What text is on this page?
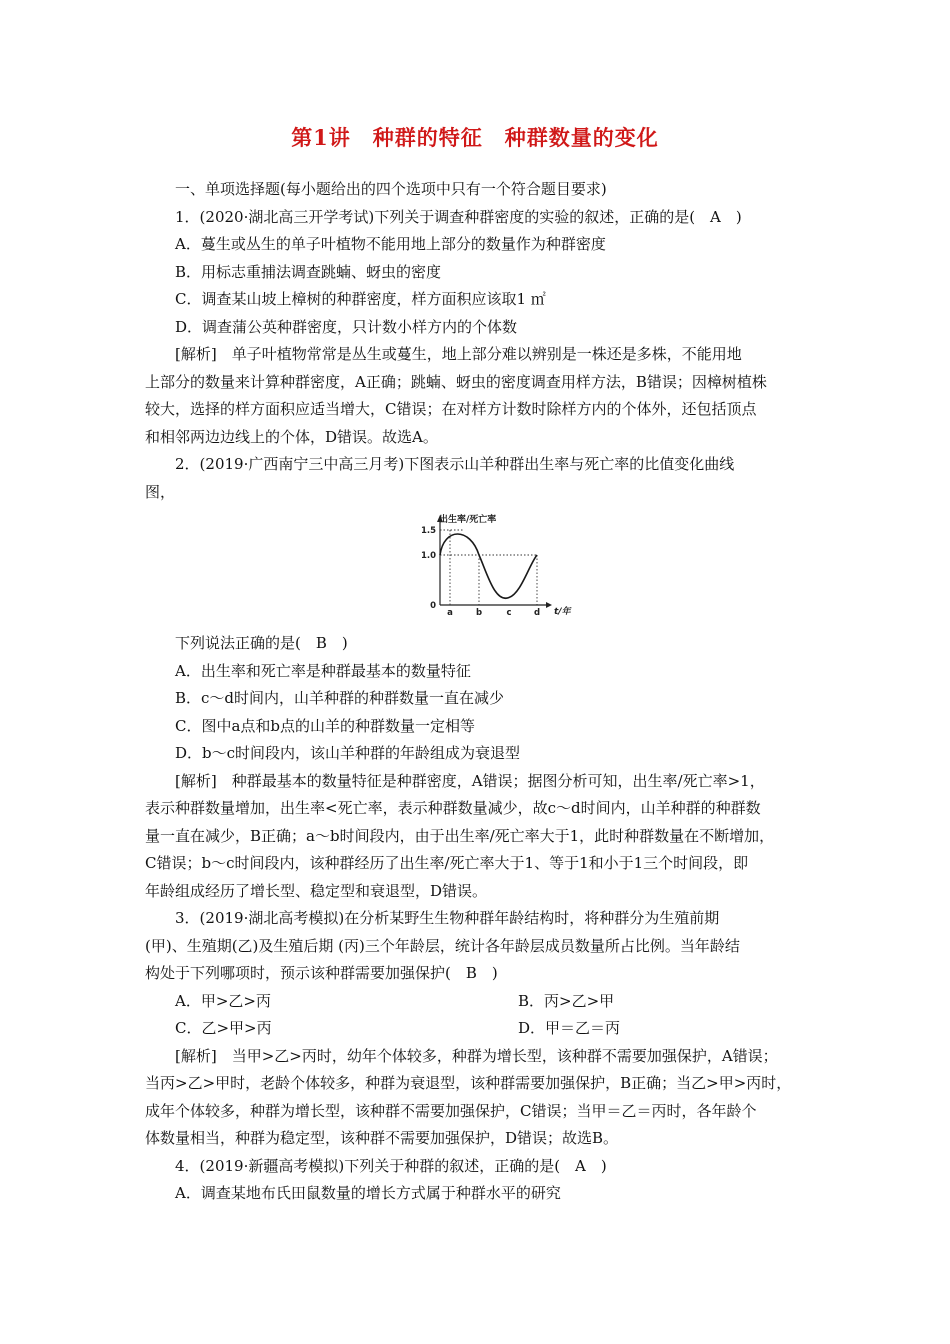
第1讲　种群的特征　种群数量的变化
一、单项选择题(每小题给出的四个选项中只有一个符合题目要求)
1．(2020·湖北高三开学考试)下列关于调查种群密度的实验的叙述，正确的是(　A　)
A．蔓生或丛生的单子叶植物不能用地上部分的数量作为种群密度
B．用标志重捕法调查跳蝻、蚜虫的密度
C．调查某山坡上樟树的种群密度，样方面积应该取1 ㎡
D．调查蒲公英种群密度，只计数小样方内的个体数
[解析]　单子叶植物常常是丛生或蔓生，地上部分难以辨别是一株还是多株，不能用地
上部分的数量来计算种群密度，A正确；跳蝻、蚜虫的密度调查用样方法，B错误；因樟树植株
较大，选择的样方面积应适当增大，C错误；在对样方计数时除样方内的个体外，还包括顶点
和相邻两边边线上的个体，D错误。故选A。
2．(2019·广西南宁三中高三月考)下图表示山羊种群出生率与死亡率的比值变化曲线
图，
出生率/死亡率
t/年
0
1.0
1.5
a	b	c	d
下列说法正确的是(　B　)
A．出生率和死亡率是种群最基本的数量特征
B．c～d时间内，山羊种群的种群数量一直在减少
C．图中a点和b点的山羊的种群数量一定相等
D．b～c时间段内，该山羊种群的年龄组成为衰退型
[解析]　种群最基本的数量特征是种群密度，A错误；据图分析可知，出生率/死亡率>1，
表示种群数量增加，出生率<死亡率，表示种群数量减少，故c～d时间内，山羊种群的种群数
量一直在减少，B正确；a～b时间段内，由于出生率/死亡率大于1，此时种群数量在不断增加，
C错误；b～c时间段内，该种群经历了出生率/死亡率大于1、等于1和小于1三个时间段，即
年龄组成经历了增长型、稳定型和衰退型，D错误。
3．(2019·湖北高考模拟)在分析某野生生物种群年龄结构时，将种群分为生殖前期
(甲)、生殖期(乙)及生殖后期 (丙)三个年龄层，统计各年龄层成员数量所占比例。当年龄结
构处于下列哪项时，预示该种群需要加强保护(　B　)
A．甲>乙>丙	B．丙>乙>甲
C．乙>甲>丙	D．甲＝乙＝丙
[解析]　当甲>乙>丙时，幼年个体较多，种群为增长型，该种群不需要加强保护，A错误；
当丙>乙>甲时，老龄个体较多，种群为衰退型，该种群需要加强保护，B正确；当乙>甲>丙时，
成年个体较多，种群为增长型，该种群不需要加强保护，C错误；当甲＝乙＝丙时，各年龄个
体数量相当，种群为稳定型，该种群不需要加强保护，D错误；故选B。
4．(2019·新疆高考模拟)下列关于种群的叙述，正确的是(　A　)
A．调查某地布氏田鼠数量的增长方式属于种群水平的研究
